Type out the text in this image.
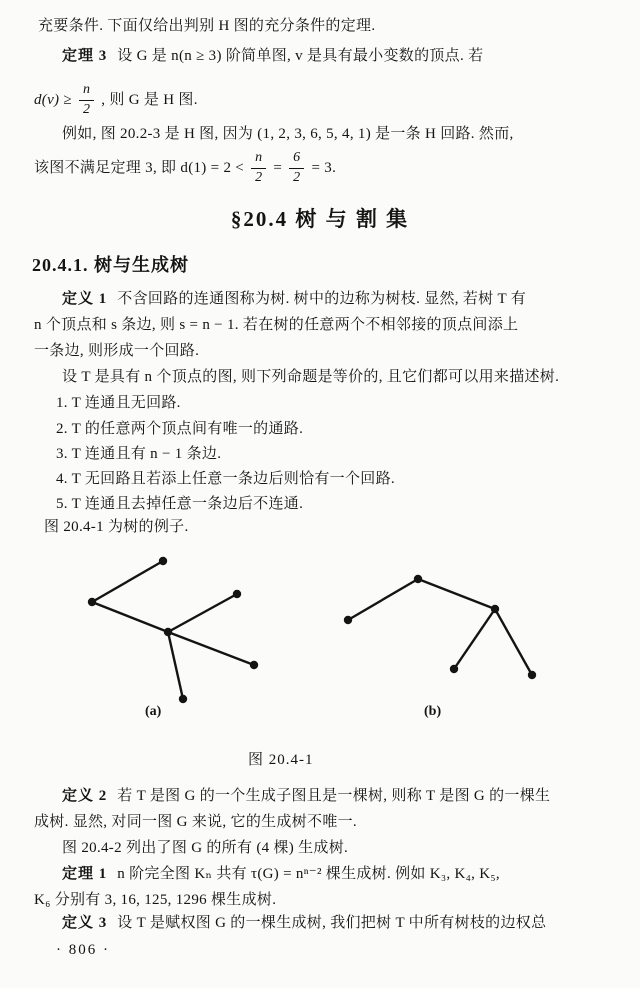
充要条件. 下面仅给出判别 H 图的充分条件的定理.
定理 3 设 G 是 n(n ≥ 3) 阶简单图, v 是具有最小变数的顶点. 若
$d(v) \ge \frac{n}{2}$ , 则 G 是 H 图.
例如, 图 20.2-3 是 H 图, 因为 (1, 2, 3, 6, 5, 4, 1) 是一条 H 回路. 然而,
该图不满足定理 3, 即 $d(1) = 2 < \frac{n}{2} = \frac{6}{2} = 3$.
§20.4 树 与 割 集
20.4.1. 树与生成树
定义 1 不含回路的连通图称为树. 树中的边称为树枝. 显然, 若树 T 有
n 个顶点和 s 条边, 则 s = n − 1. 若在树的任意两个不相邻接的顶点间添上
一条边, 则形成一个回路.
设 T 是具有 n 个顶点的图, 则下列命题是等价的, 且它们都可以用来描述树.
1. T 连通且无回路.
2. T 的任意两个顶点间有唯一的通路.
3. T 连通且有 n − 1 条边.
4. T 无回路且若添上任意一条边后则恰有一个回路.
5. T 连通且去掉任意一条边后不连通.
图 20.4-1 为树的例子.
(a)	(b)
图 20.4-1
定义 2 若 T 是图 G 的一个生成子图且是一棵树, 则称 T 是图 G 的一棵生
成树. 显然, 对同一图 G 来说, 它的生成树不唯一.
图 20.4-2 列出了图 G 的所有 (4 棵) 生成树.
定理 1 n 阶完全图 Kₙ 共有 τ(G) = nⁿ⁻² 棵生成树. 例如 K₃, K₄, K₅,
K₆ 分别有 3, 16, 125, 1296 棵生成树.
定义 3 设 T 是赋权图 G 的一棵生成树, 我们把树 T 中所有树枝的边权总
· 806 ·
